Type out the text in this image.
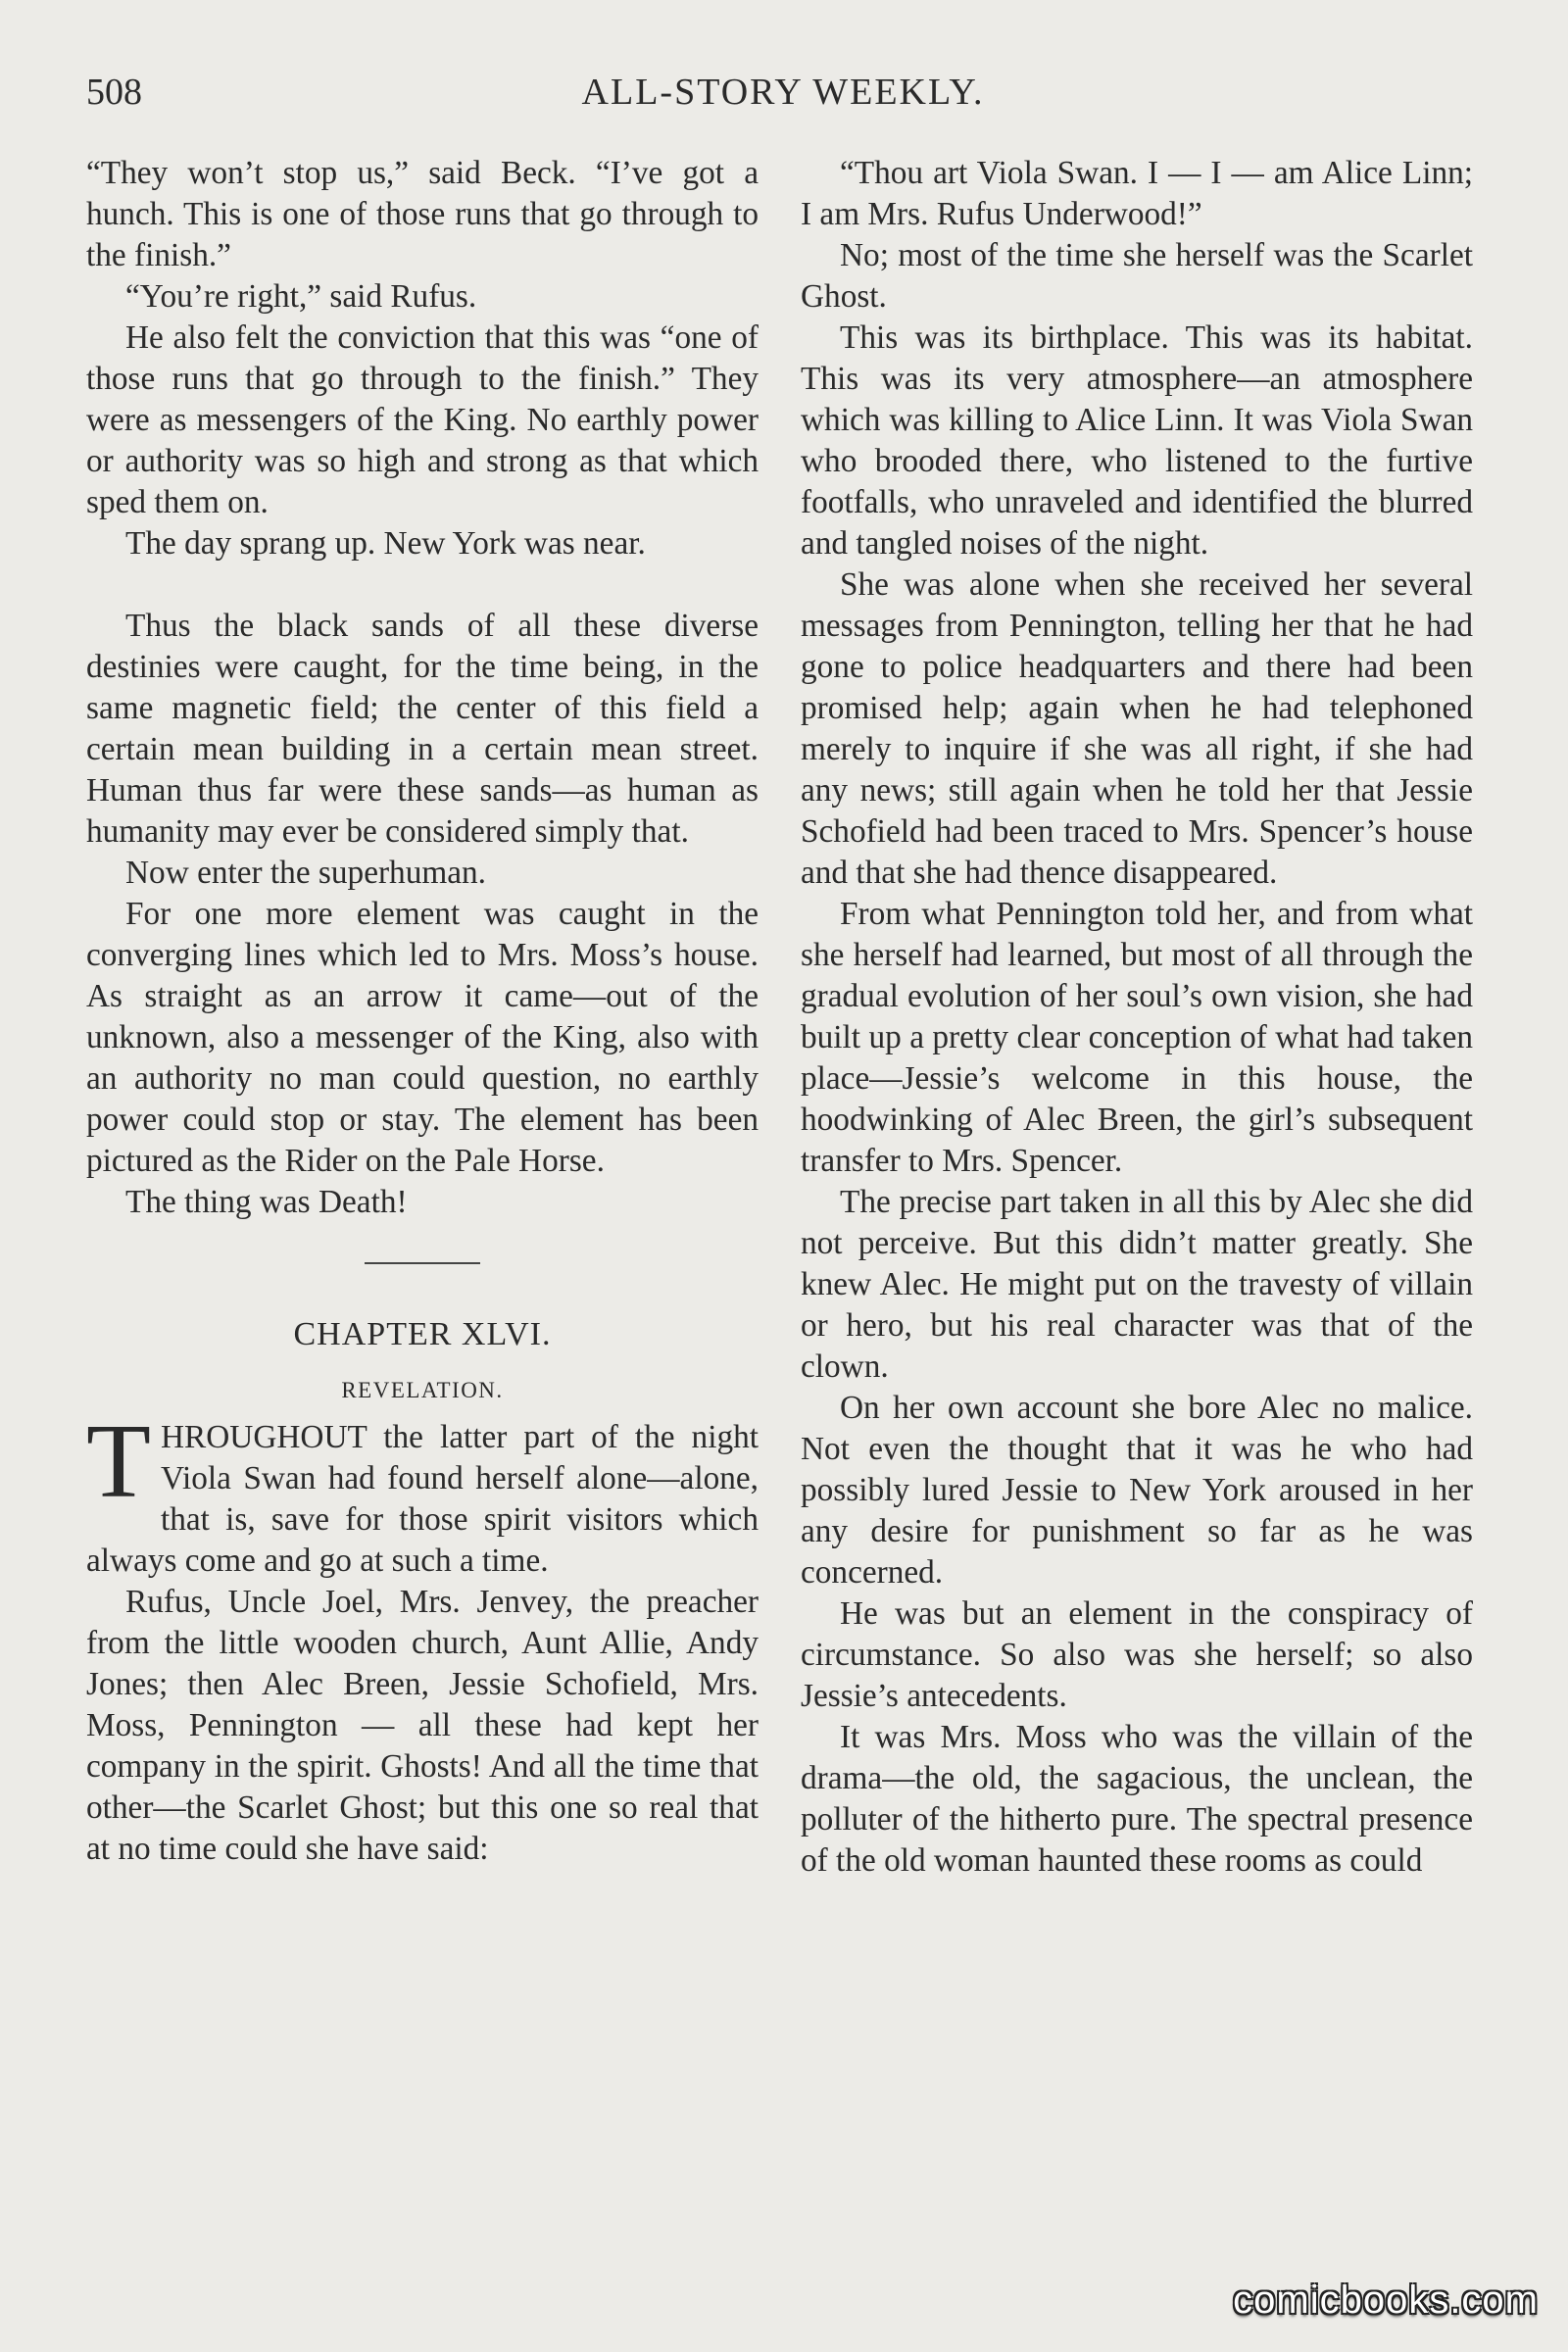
508	ALL-STORY WEEKLY.

“They won’t stop us,” said Beck. “I’ve got a hunch. This is one of those runs that go through to the finish.”

“You’re right,” said Rufus.

He also felt the conviction that this was “one of those runs that go through to the finish.” They were as messengers of the King. No earthly power or authority was so high and strong as that which sped them on.

The day sprang up. New York was near.

Thus the black sands of all these diverse destinies were caught, for the time being, in the same magnetic field; the center of this field a certain mean building in a certain mean street. Human thus far were these sands—as human as humanity may ever be considered simply that.

Now enter the superhuman.

For one more element was caught in the converging lines which led to Mrs. Moss’s house. As straight as an arrow it came—out of the unknown, also a messenger of the King, also with an authority no man could question, no earthly power could stop or stay. The element has been pictured as the Rider on the Pale Horse.

The thing was Death!

CHAPTER XLVI.
REVELATION.

THROUGHOUT the latter part of the night Viola Swan had found herself alone—alone, that is, save for those spirit visitors which always come and go at such a time.

Rufus, Uncle Joel, Mrs. Jenvey, the preacher from the little wooden church, Aunt Allie, Andy Jones; then Alec Breen, Jessie Schofield, Mrs. Moss, Pennington — all these had kept her company in the spirit. Ghosts! And all the time that other—the Scarlet Ghost; but this one so real that at no time could she have said:

“Thou art Viola Swan. I — I — am Alice Linn; I am Mrs. Rufus Underwood!”

No; most of the time she herself was the Scarlet Ghost.

This was its birthplace. This was its habitat. This was its very atmosphere—an atmosphere which was killing to Alice Linn. It was Viola Swan who brooded there, who listened to the furtive footfalls, who unraveled and identified the blurred and tangled noises of the night.

She was alone when she received her several messages from Pennington, telling her that he had gone to police headquarters and there had been promised help; again when he had telephoned merely to inquire if she was all right, if she had any news; still again when he told her that Jessie Schofield had been traced to Mrs. Spencer’s house and that she had thence disappeared.

From what Pennington told her, and from what she herself had learned, but most of all through the gradual evolution of her soul’s own vision, she had built up a pretty clear conception of what had taken place—Jessie’s welcome in this house, the hoodwinking of Alec Breen, the girl’s subsequent transfer to Mrs. Spencer.

The precise part taken in all this by Alec she did not perceive. But this didn’t matter greatly. She knew Alec. He might put on the travesty of villain or hero, but his real character was that of the clown.

On her own account she bore Alec no malice. Not even the thought that it was he who had possibly lured Jessie to New York aroused in her any desire for punishment so far as he was concerned.

He was but an element in the conspiracy of circumstance. So also was she herself; so also Jessie’s antecedents.

It was Mrs. Moss who was the villain of the drama—the old, the sagacious, the unclean, the polluter of the hitherto pure. The spectral presence of the old woman haunted these rooms as could

comicbooks.com
